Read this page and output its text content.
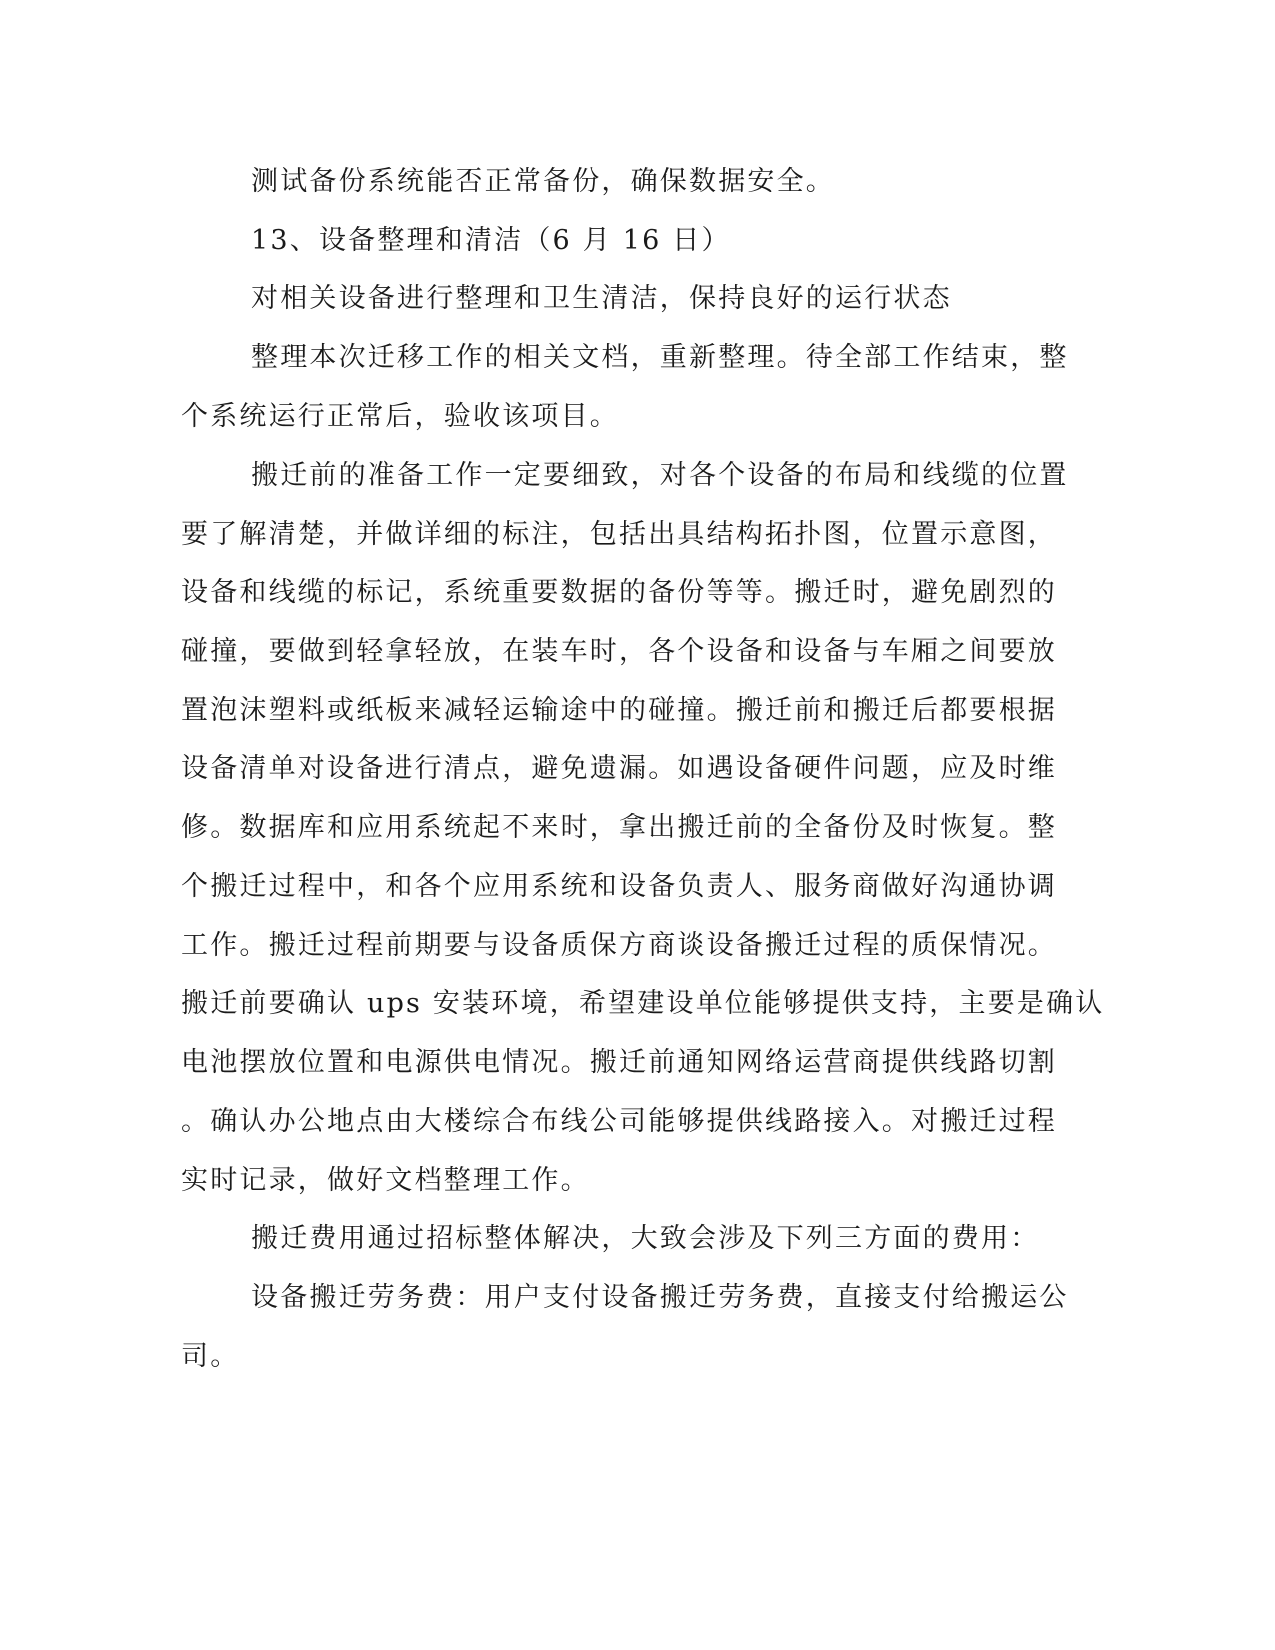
测试备份系统能否正常备份，确保数据安全。
13、设备整理和清洁（6 月 16 日）
对相关设备进行整理和卫生清洁，保持良好的运行状态
整理本次迁移工作的相关文档，重新整理。待全部工作结束，整
个系统运行正常后，验收该项目。
搬迁前的准备工作一定要细致，对各个设备的布局和线缆的位置
要了解清楚，并做详细的标注，包括出具结构拓扑图，位置示意图，
设备和线缆的标记，系统重要数据的备份等等。搬迁时，避免剧烈的
碰撞，要做到轻拿轻放，在装车时，各个设备和设备与车厢之间要放
置泡沫塑料或纸板来减轻运输途中的碰撞。搬迁前和搬迁后都要根据
设备清单对设备进行清点，避免遗漏。如遇设备硬件问题，应及时维
修。数据库和应用系统起不来时，拿出搬迁前的全备份及时恢复。整
个搬迁过程中，和各个应用系统和设备负责人、服务商做好沟通协调
工作。搬迁过程前期要与设备质保方商谈设备搬迁过程的质保情况。
搬迁前要确认 ups 安装环境，希望建设单位能够提供支持，主要是确认
电池摆放位置和电源供电情况。搬迁前通知网络运营商提供线路切割
。确认办公地点由大楼综合布线公司能够提供线路接入。对搬迁过程
实时记录，做好文档整理工作。
搬迁费用通过招标整体解决，大致会涉及下列三方面的费用：
设备搬迁劳务费：用户支付设备搬迁劳务费，直接支付给搬运公
司。
